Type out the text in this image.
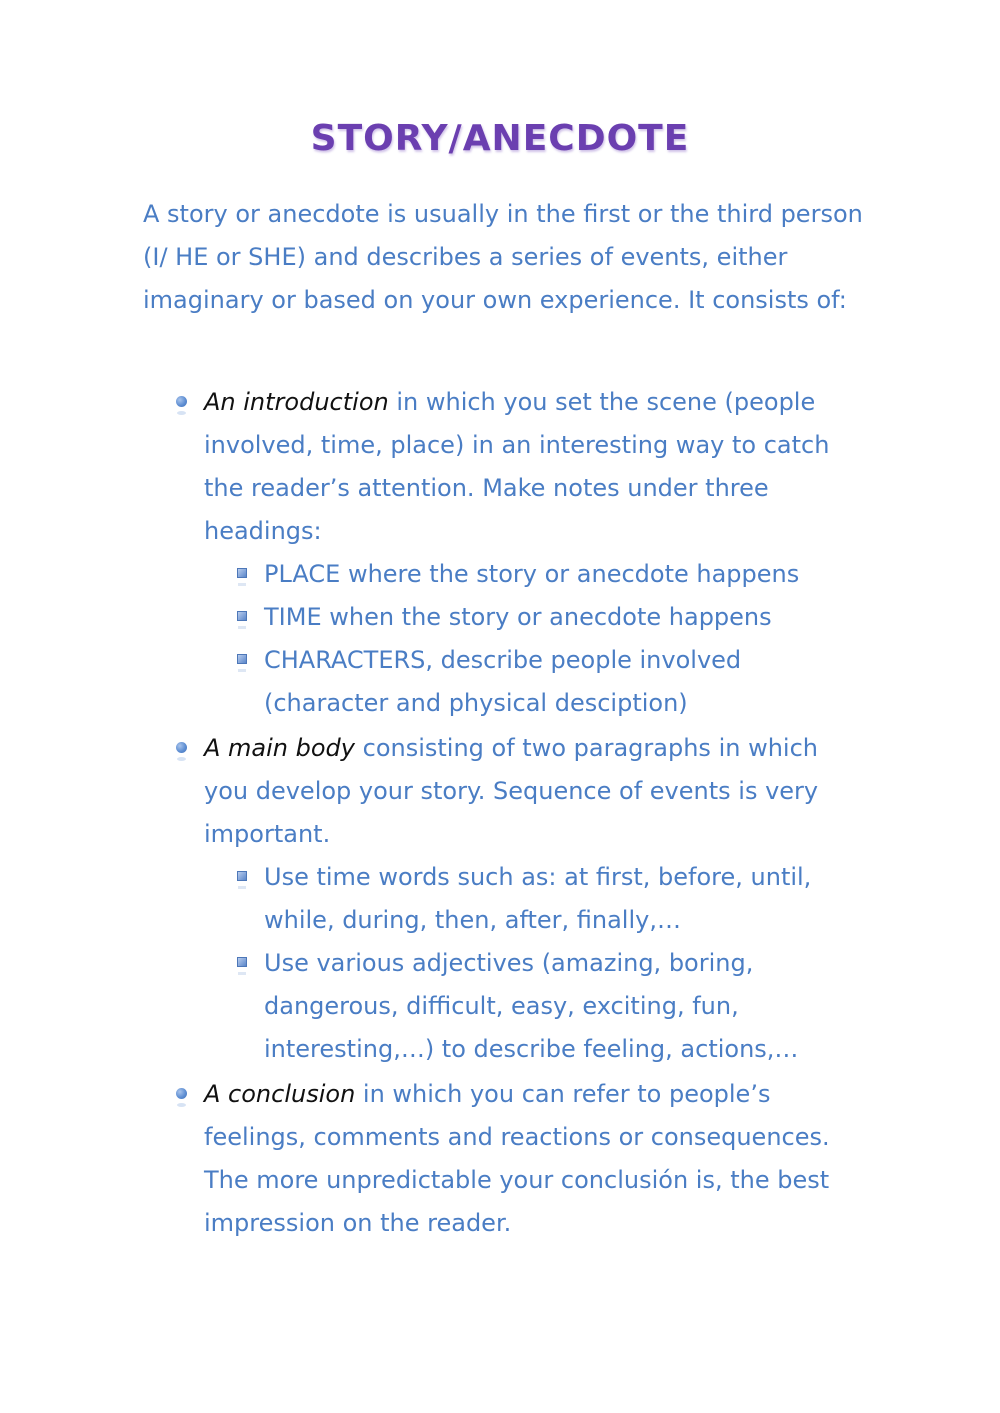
STORY/ANECDOTE

A story or anecdote is usually in the first or the third person (I/ HE or SHE) and describes a series of events, either imaginary or based on your own experience. It consists of:

An introduction in which you set the scene (people involved, time, place) in an interesting way to catch the reader’s attention. Make notes under three headings:
PLACE where the story or anecdote happens
TIME when the story or anecdote happens
CHARACTERS, describe people involved (character and physical desciption)
A main body consisting of two paragraphs in which you develop your story. Sequence of events is very important.
Use time words such as: at first, before, until, while, during, then, after, finally,…
Use various adjectives (amazing, boring, dangerous, difficult, easy, exciting, fun, interesting,…) to describe feeling, actions,…
A conclusion in which you can refer to people’s feelings, comments and reactions or consequences. The more unpredictable your conclusión is, the best impression on the reader.
